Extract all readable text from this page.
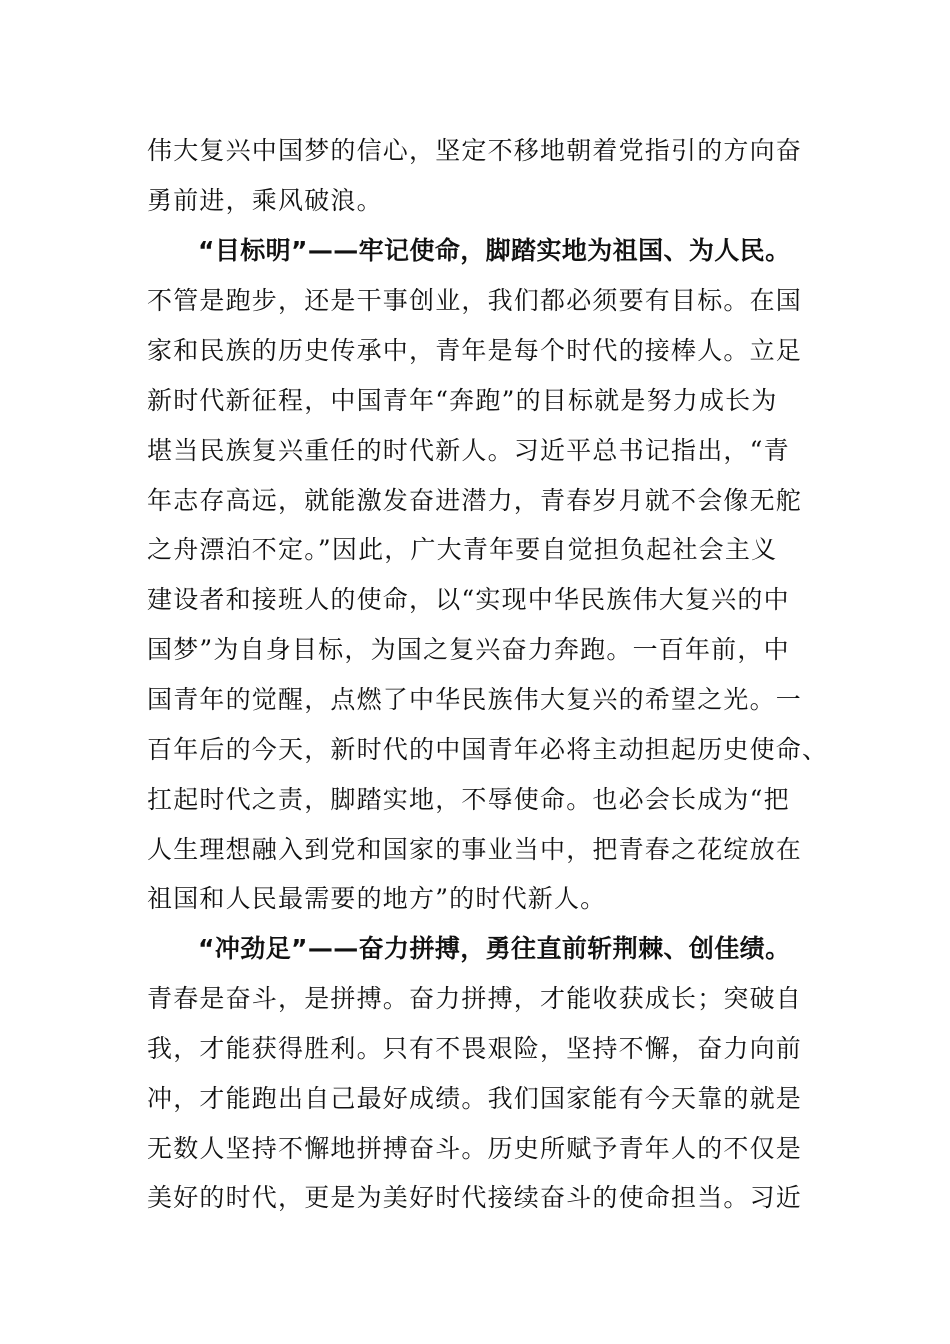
伟大复兴中国梦的信心，坚定不移地朝着党指引的方向奋
勇前进，乘风破浪。
“目标明”——牢记使命，脚踏实地为祖国、为人民。
不管是跑步，还是干事创业，我们都必须要有目标。在国
家和民族的历史传承中，青年是每个时代的接棒人。立足
新时代新征程，中国青年“奔跑”的目标就是努力成长为
堪当民族复兴重任的时代新人。习近平总书记指出，“青
年志存高远，就能激发奋进潜力，青春岁月就不会像无舵
之舟漂泊不定。”因此，广大青年要自觉担负起社会主义
建设者和接班人的使命，以“实现中华民族伟大复兴的中
国梦”为自身目标，为国之复兴奋力奔跑。一百年前，中
国青年的觉醒，点燃了中华民族伟大复兴的希望之光。一
百年后的今天，新时代的中国青年必将主动担起历史使命、
扛起时代之责，脚踏实地，不辱使命。也必会长成为“把
人生理想融入到党和国家的事业当中，把青春之花绽放在
祖国和人民最需要的地方”的时代新人。
“冲劲足”——奋力拼搏，勇往直前斩荆棘、创佳绩。
青春是奋斗，是拼搏。奋力拼搏，才能收获成长；突破自
我，才能获得胜利。只有不畏艰险，坚持不懈，奋力向前
冲，才能跑出自己最好成绩。我们国家能有今天靠的就是
无数人坚持不懈地拼搏奋斗。历史所赋予青年人的不仅是
美好的时代，更是为美好时代接续奋斗的使命担当。习近
